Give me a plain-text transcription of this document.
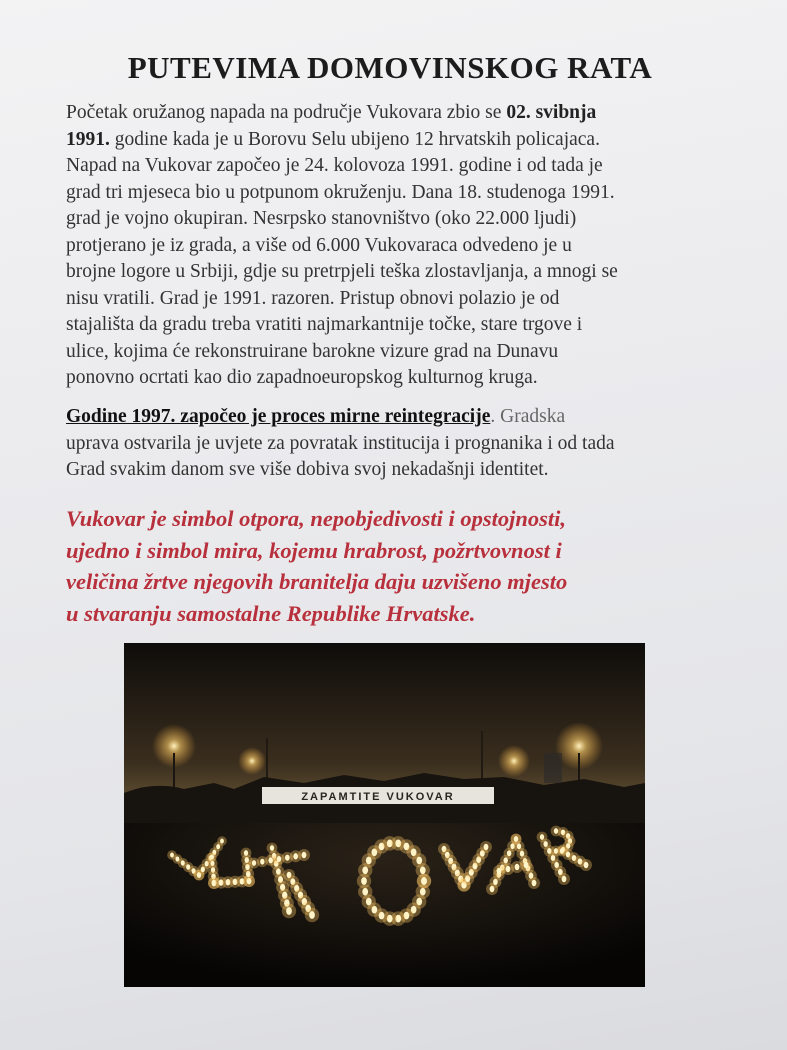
PUTEVIMA DOMOVINSKOG RATA
Početak oružanog napada na područje Vukovara zbio se 02. svibnja
1991. godine kada je u Borovu Selu ubijeno 12 hrvatskih policajaca.
Napad na Vukovar započeo je 24. kolovoza 1991. godine i od tada je
grad tri mjeseca bio u potpunom okruženju. Dana 18. studenoga 1991.
grad je vojno okupiran. Nesrpsko stanovništvo (oko 22.000 ljudi)
protjerano je iz grada, a više od 6.000 Vukovaraca odvedeno je u
brojne logore u Srbiji, gdje su pretrpjeli teška zlostavljanja, a mnogi se
nisu vratili. Grad je 1991. razoren. Pristup obnovi polazio je od
stajališta da gradu treba vratiti najmarkantnije točke, stare trgove i
ulice, kojima će rekonstruirane barokne vizure grad na Dunavu
ponovno ocrtati kao dio zapadnoeuropskog kulturnog kruga.
Godine 1997. započeo je proces mirne reintegracije. Gradska
uprava ostvarila je uvjete za povratak institucija i prognanika i od tada
Grad svakim danom sve više dobiva svoj nekadašnji identitet.
Vukovar je simbol otpora, nepobjedivosti i opstojnosti,
ujedno i simbol mira, kojemu hrabrost, požrtvovnost i
veličina žrtve njegovih branitelja daju uzvišeno mjesto
u stvaranju samostalne Republike Hrvatske.
ZAPAMTITE VUKOVAR
